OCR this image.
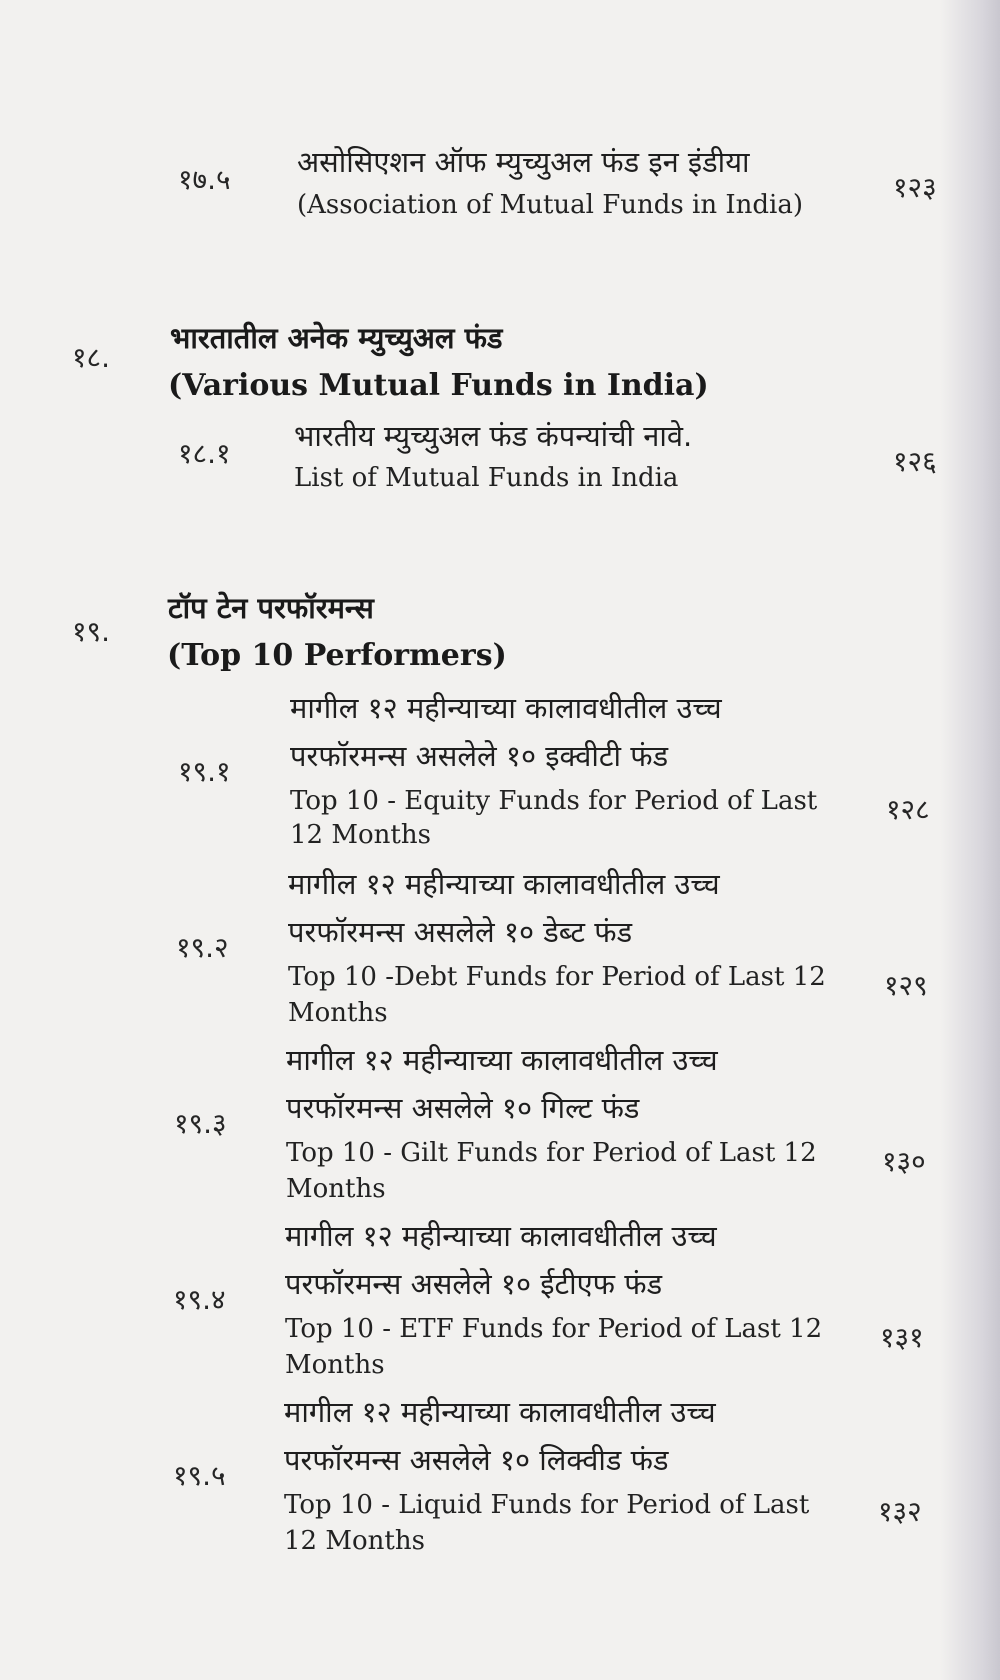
१७.५
असोसिएशन ऑफ म्युच्युअल फंड इन इंडीया
(Association of Mutual Funds in India)
१२३
१८.
भारतातील अनेक म्युच्युअल फंड
(Various Mutual Funds in India)
१८.१
भारतीय म्युच्युअल फंड कंपन्यांची नावे.
List of Mutual Funds in India	१२६
१९.
टॉप टेन परफॉरमन्स
(Top 10 Performers)
मागील १२ महीन्याच्या कालावधीतील उच्च
१९.१ परफॉरमन्स असलेले १० इक्वीटी फंड
Top 10 - Equity Funds for Period of Last
12 Months
१२८
मागील १२ महीन्याच्या कालावधीतील उच्च
१९.२ परफॉरमन्स असलेले १० डेब्ट फंड
Top 10 -Debt Funds for Period of Last 12
Months
१२९
मागील १२ महीन्याच्या कालावधीतील उच्च
१९.३ परफॉरमन्स असलेले १० गिल्ट फंड
Top 10 - Gilt Funds for Period of Last 12
Months
१३०
मागील १२ महीन्याच्या कालावधीतील उच्च
१९.४ परफॉरमन्स असलेले १० ईटीएफ फंड
Top 10 - ETF Funds for Period of Last 12
Months
१३१
मागील १२ महीन्याच्या कालावधीतील उच्च
१९.५ परफॉरमन्स असलेले १० लिक्वीड फंड
Top 10 - Liquid Funds for Period of Last
12 Months
१३२
